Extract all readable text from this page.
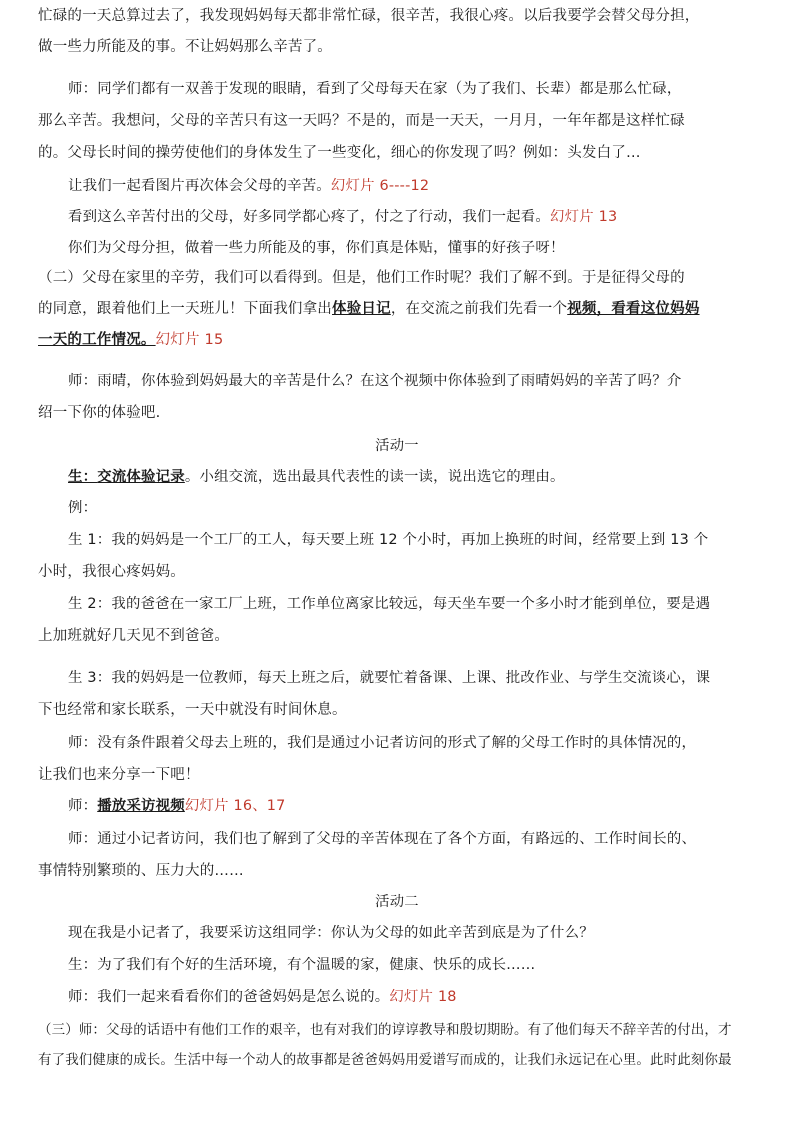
忙碌的一天总算过去了，我发现妈妈每天都非常忙碌，很辛苦，我很心疼。以后我要学会替父母分担，
做一些力所能及的事。不让妈妈那么辛苦了。
师：同学们都有一双善于发现的眼睛，看到了父母每天在家（为了我们、长辈）都是那么忙碌，
那么辛苦。我想问，父母的辛苦只有这一天吗？不是的，而是一天天，一月月，一年年都是这样忙碌
的。父母长时间的操劳使他们的身体发生了一些变化，细心的你发现了吗？例如：头发白了…
让我们一起看图片再次体会父母的辛苦。幻灯片 6----12
看到这么辛苦付出的父母，好多同学都心疼了，付之了行动，我们一起看。幻灯片 13
你们为父母分担，做着一些力所能及的事，你们真是体贴，懂事的好孩子呀！
（二）父母在家里的辛劳，我们可以看得到。但是，他们工作时呢？我们了解不到。于是征得父母的
的同意，跟着他们上一天班儿！下面我们拿出体验日记，在交流之前我们先看一个视频，看看这位妈妈
一天的工作情况。幻灯片 15
师：雨晴，你体验到妈妈最大的辛苦是什么？在这个视频中你体验到了雨晴妈妈的辛苦了吗？介
绍一下你的体验吧.
活动一
生：交流体验记录。小组交流，选出最具代表性的读一读，说出选它的理由。
例：
生 1：我的妈妈是一个工厂的工人，每天要上班 12 个小时，再加上换班的时间，经常要上到 13 个
小时，我很心疼妈妈。
生 2：我的爸爸在一家工厂上班，工作单位离家比较远，每天坐车要一个多小时才能到单位，要是遇
上加班就好几天见不到爸爸。
生 3：我的妈妈是一位教师，每天上班之后，就要忙着备课、上课、批改作业、与学生交流谈心，课
下也经常和家长联系，一天中就没有时间休息。
师：没有条件跟着父母去上班的，我们是通过小记者访问的形式了解的父母工作时的具体情况的，
让我们也来分享一下吧！
师：播放采访视频幻灯片 16、17
师：通过小记者访问，我们也了解到了父母的辛苦体现在了各个方面，有路远的、工作时间长的、
事情特别繁琐的、压力大的……
活动二
现在我是小记者了，我要采访这组同学：你认为父母的如此辛苦到底是为了什么？
生：为了我们有个好的生活环境，有个温暖的家，健康、快乐的成长……
师：我们一起来看看你们的爸爸妈妈是怎么说的。幻灯片 18
（三）师：父母的话语中有他们工作的艰辛，也有对我们的谆谆教导和殷切期盼。有了他们每天不辞辛苦的付出，才
有了我们健康的成长。生活中每一个动人的故事都是爸爸妈妈用爱谱写而成的，让我们永远记在心里。此时此刻你最
